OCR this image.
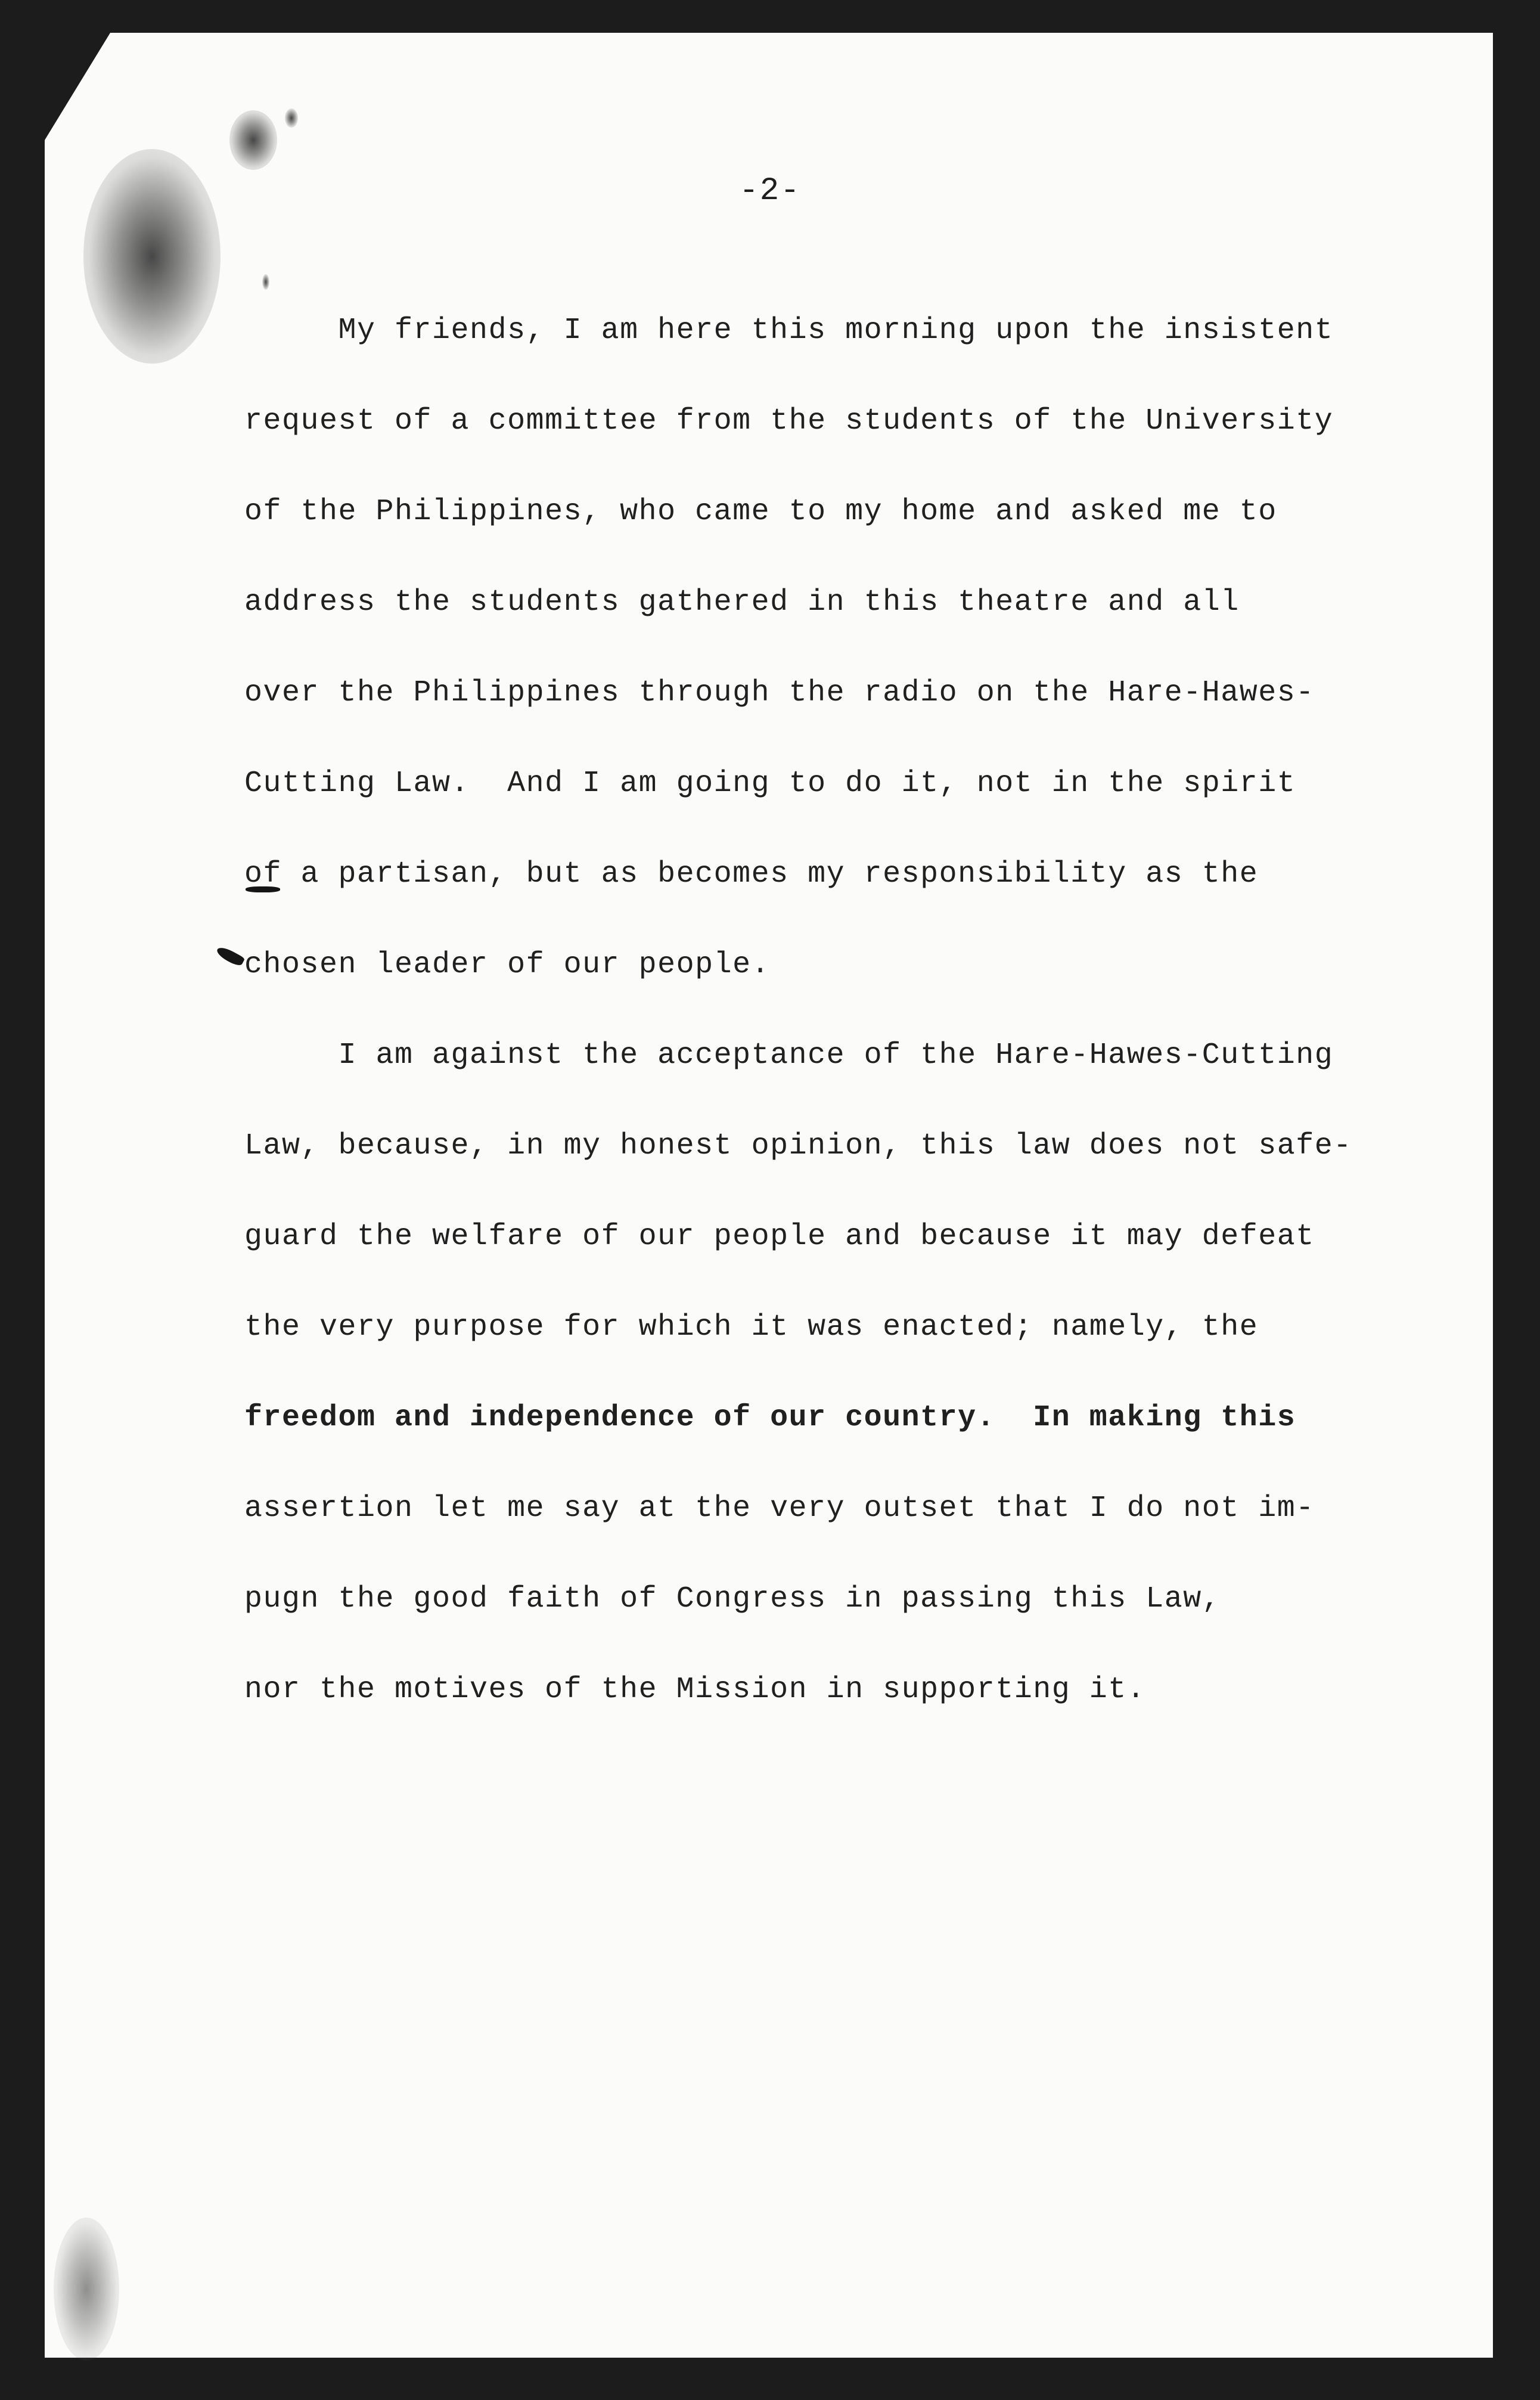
-2-
My friends, I am here this morning upon the insistent
request of a committee from the students of the University
of the Philippines, who came to my home and asked me to
address the students gathered in this theatre and all
over the Philippines through the radio on the Hare-Hawes-
Cutting Law.  And I am going to do it, not in the spirit
of a partisan, but as becomes my responsibility as the
chosen leader of our people.
I am against the acceptance of the Hare-Hawes-Cutting
Law, because, in my honest opinion, this law does not safe-
guard the welfare of our people and because it may defeat
the very purpose for which it was enacted; namely, the
freedom and independence of our country.  In making this
assertion let me say at the very outset that I do not im-
pugn the good faith of Congress in passing this Law,
nor the motives of the Mission in supporting it.
